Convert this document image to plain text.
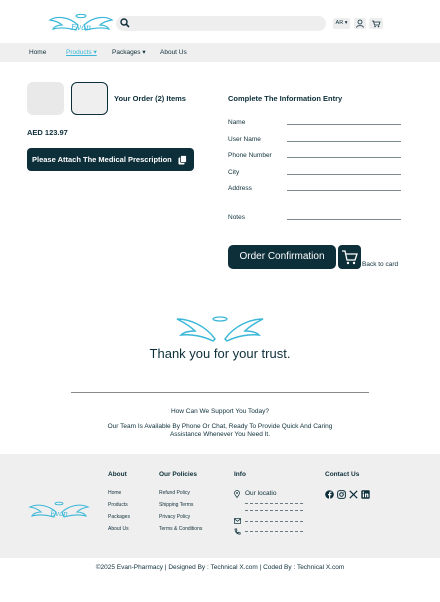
Evan	AR ▾
Home	Products ▾ Packages ▾ About Us
Your Order (2) Items
AED 123.97
Please Attach The Medical Prescription
Complete The Information Entry
Name
User Name
Phone Number
City
Address
Notes
Order Confirmation
Back to card
Thank you for your trust.
How Can We Support You Today?
Our Team Is Available By Phone Or Chat, Ready To Provide Quick And Caring Assistance Whenever You Need It.
Evan
About
Home
Products
Packages
About Us
Our Policies
Refund Policy
Shipping Terms
Privacy Policy
Terms & Conditions
Info
Our locatio
Contact Us
©2025 Evan-Pharmacy | Designed By : Technical X.com | Coded By : Technical X.com
